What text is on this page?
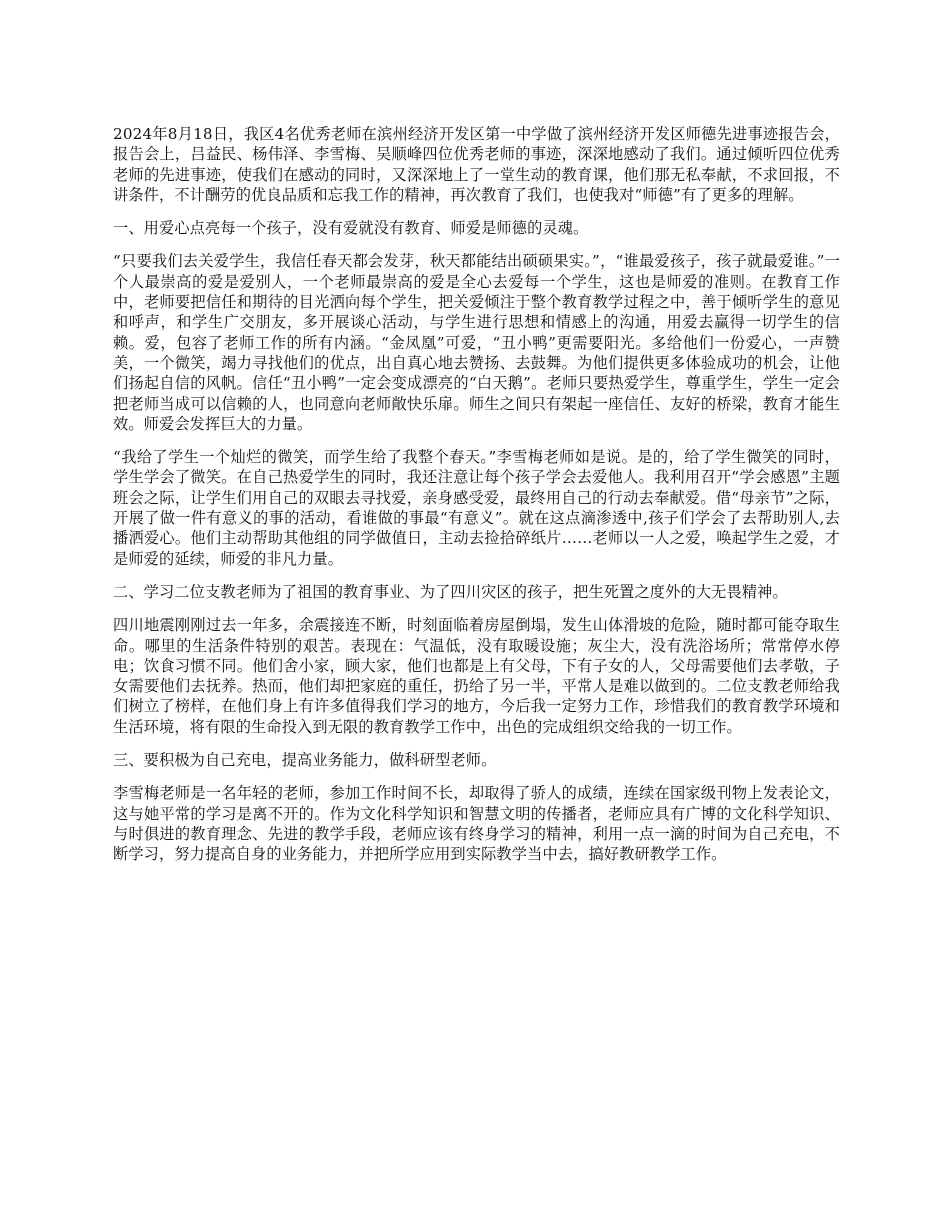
2024年8月18日，我区4名优秀老师在滨州经济开发区第一中学做了滨州经济开发区师德先进事迹报告会，报告会上，吕益民、杨伟泽、李雪梅、吴顺峰四位优秀老师的事迹，深深地感动了我们。通过倾听四位优秀老师的先进事迹，使我们在感动的同时，又深深地上了一堂生动的教育课，他们那无私奉献，不求回报，不讲条件，不计酬劳的优良品质和忘我工作的精神，再次教育了我们，也使我对“师德”有了更多的理解。

一、用爱心点亮每一个孩子，没有爱就没有教育、师爱是师德的灵魂。

“只要我们去关爱学生，我信任春天都会发芽，秋天都能结出硕硕果实。”，“谁最爱孩子，孩子就最爱谁。”一个人最崇高的爱是爱别人，一个老师最崇高的爱是全心去爱每一个学生，这也是师爱的准则。在教育工作中，老师要把信任和期待的目光洒向每个学生，把关爱倾注于整个教育教学过程之中，善于倾听学生的意见和呼声，和学生广交朋友，多开展谈心活动，与学生进行思想和情感上的沟通，用爱去赢得一切学生的信赖。爱，包容了老师工作的所有内涵。“金凤凰”可爱，“丑小鸭”更需要阳光。多给他们一份爱心，一声赞美，一个微笑，竭力寻找他们的优点，出自真心地去赞扬、去鼓舞。为他们提供更多体验成功的机会，让他们扬起自信的风帆。信任“丑小鸭”一定会变成漂亮的“白天鹅”。老师只要热爱学生，尊重学生，学生一定会把老师当成可以信赖的人，也同意向老师敞快乐扉。师生之间只有架起一座信任、友好的桥梁，教育才能生效。师爱会发挥巨大的力量。

“我给了学生一个灿烂的微笑，而学生给了我整个春天。”李雪梅老师如是说。是的，给了学生微笑的同时，学生学会了微笑。在自己热爱学生的同时，我还注意让每个孩子学会去爱他人。我利用召开“学会感恩”主题班会之际，让学生们用自己的双眼去寻找爱，亲身感受爱，最终用自己的行动去奉献爱。借“母亲节”之际，开展了做一件有意义的事的活动，看谁做的事最“有意义”。就在这点滴渗透中,孩子们学会了去帮助别人,去播洒爱心。他们主动帮助其他组的同学做值日，主动去捡拾碎纸片……老师以一人之爱，唤起学生之爱，才是师爱的延续，师爱的非凡力量。

二、学习二位支教老师为了祖国的教育事业、为了四川灾区的孩子，把生死置之度外的大无畏精神。

四川地震刚刚过去一年多，余震接连不断，时刻面临着房屋倒塌，发生山体滑坡的危险，随时都可能夺取生命。哪里的生活条件特别的艰苦。表现在：气温低，没有取暖设施；灰尘大，没有洗浴场所；常常停水停电；饮食习惯不同。他们舍小家，顾大家，他们也都是上有父母，下有子女的人，父母需要他们去孝敬，子女需要他们去抚养。热而，他们却把家庭的重任，扔给了另一半，平常人是难以做到的。二位支教老师给我们树立了榜样，在他们身上有许多值得我们学习的地方，今后我一定努力工作，珍惜我们的教育教学环境和生活环境，将有限的生命投入到无限的教育教学工作中，出色的完成组织交给我的一切工作。

三、要积极为自己充电，提高业务能力，做科研型老师。

李雪梅老师是一名年轻的老师，参加工作时间不长，却取得了骄人的成绩，连续在国家级刊物上发表论文，这与她平常的学习是离不开的。作为文化科学知识和智慧文明的传播者，老师应具有广博的文化科学知识、与时俱进的教育理念、先进的教学手段，老师应该有终身学习的精神，利用一点一滴的时间为自己充电，不断学习，努力提高自身的业务能力，并把所学应用到实际教学当中去，搞好教研教学工作。
